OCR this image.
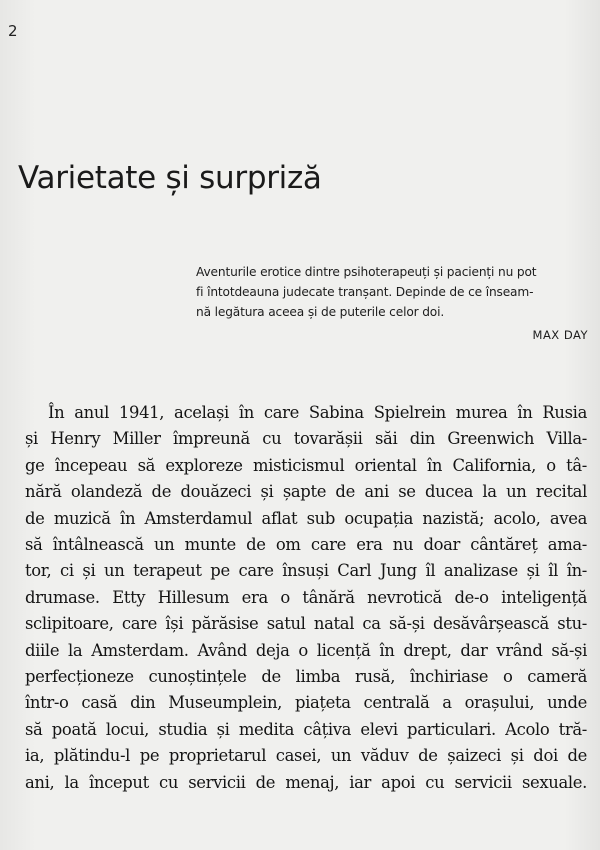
2
Varietate și surpriză
Aventurile erotice dintre psihoterapeuți și pacienți nu pot
fi întotdeauna judecate tranșant. Depinde de ce înseam-
nă legătura aceea și de puterile celor doi.
MAX DAY
În anul 1941, același în care Sabina Spielrein murea în Rusia
și Henry Miller împreună cu tovarășii săi din Greenwich Villa-
ge începeau să exploreze misticismul oriental în California, o tâ-
nără olandeză de douăzeci și șapte de ani se ducea la un recital
de muzică în Amsterdamul aflat sub ocupația nazistă; acolo, avea
să întâlnească un munte de om care era nu doar cântăreț ama-
tor, ci și un terapeut pe care însuși Carl Jung îl analizase și îl în-
drumase. Etty Hillesum era o tânără nevrotică de-o inteligență
sclipitoare, care își părăsise satul natal ca să-și desăvârșească stu-
diile la Amsterdam. Având deja o licență în drept, dar vrând să-și
perfecționeze cunoștințele de limba rusă, închiriase o cameră
într-o casă din Museumplein, piațeta centrală a orașului, unde
să poată locui, studia și medita câțiva elevi particulari. Acolo tră-
ia, plătindu-l pe proprietarul casei, un văduv de șaizeci și doi de
ani, la început cu servicii de menaj, iar apoi cu servicii sexuale.
